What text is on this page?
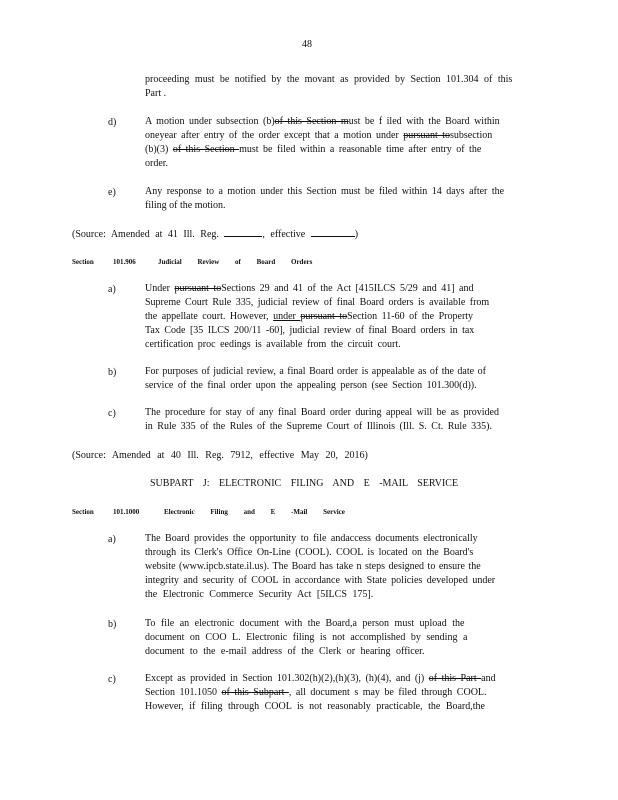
48
proceeding must be notified by the movant as provided by Section 101.304 of this
Part .
d)	A motion under subsection (b)of this Section must be f iled with the Board within
oneyear after entry of the order except that a motion under pursuant tosubsection
(b)(3) of this Section must be filed within a reasonable time after entry of the
order.
e)	Any response to a motion under this Section must be filed within 14 days after the
filing of the motion.
(Source: Amended at 41 Ill. Reg.	, effective	)
Section	101.906	Judicial Review of Board Orders
a)	Under pursuant toSections 29 and 41 of the Act [415ILCS 5/29 and 41] and
Supreme Court Rule 335, judicial review of final Board orders is available from
the appellate court. However, under pursuant toSection 11-60 of the Property
Tax Code [35 ILCS 200/11 -60], judicial review of final Board orders in tax
certification proc eedings is available from the circuit court.
b)	For purposes of judicial review, a final Board order is appealable as of the date of
service of the final order upon the appealing person (see Section 101.300(d)).
c)	The procedure for stay of any final Board order during appeal will be as provided
in Rule 335 of the Rules of the Supreme Court of Illinois (Ill. S. Ct. Rule 335).
(Source: Amended at 40 Ill. Reg. 7912, effective May 20, 2016)
SUBPART J: ELECTRONIC FILING AND E -MAIL SERVICE
Section	101.1000	Electronic Filing and E -Mail Service
a)	The Board provides the opportunity to file andaccess documents electronically
through its Clerk's Office On-Line (COOL). COOL is located on the Board's
website (www.ipcb.state.il.us). The Board has take n steps designed to ensure the
integrity and security of COOL in accordance with State policies developed under
the Electronic Commerce Security Act [5ILCS 175].
b)	To file an electronic document with the Board,a person must upload the
document on COO L. Electronic filing is not accomplished by sending a
document to the e-mail address of the Clerk or hearing officer.
c)	Except as provided in Section 101.302(h)(2),(h)(3), (h)(4), and (j) of this Part and
Section 101.1050 of this Subpart , all document s may be filed through COOL.
However, if filing through COOL is not reasonably practicable, the Board,the
